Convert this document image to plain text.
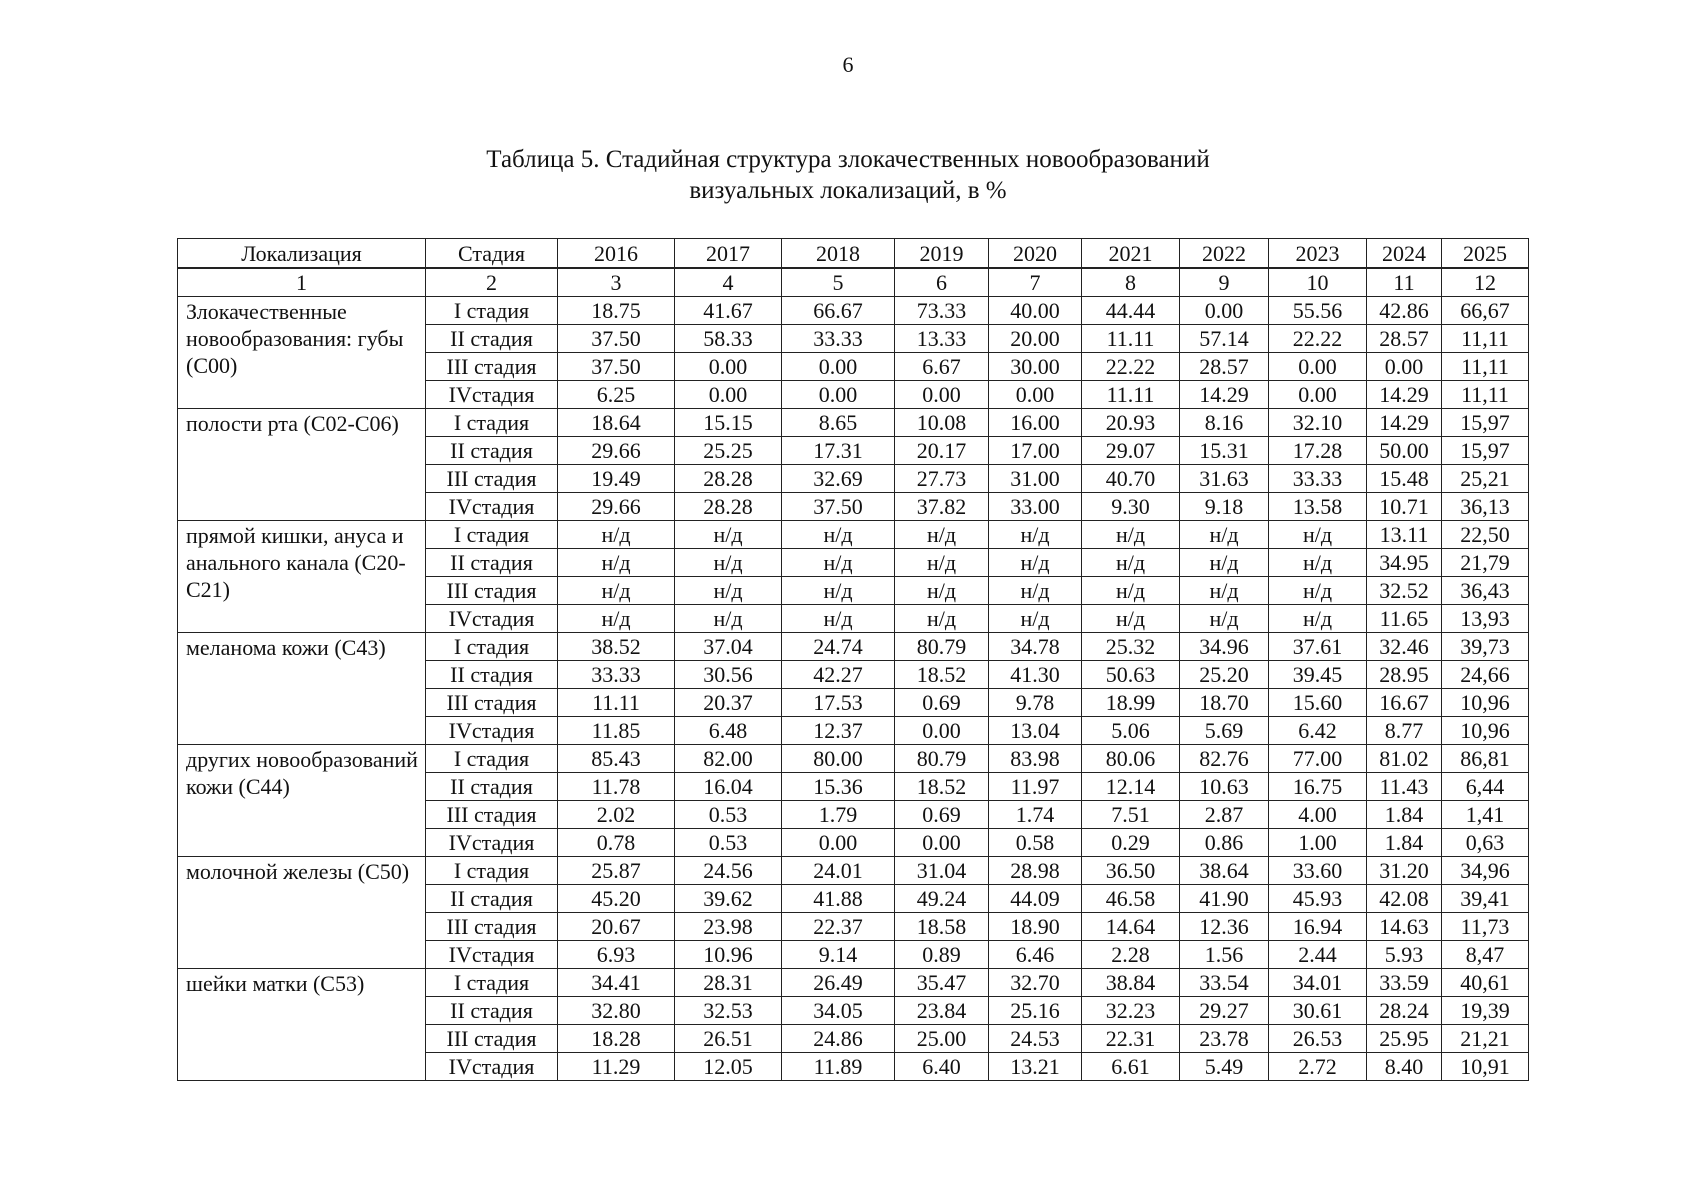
6
Таблица 5. Стадийная структура злокачественных новообразований
визуальных локализаций, в %
Локализация	Стадия	2016	2017	2018	2019	2020	2021	2022	2023	2024	2025
1	2	3	4	5	6	7	8	9	10	11	12
Злокачественные новообразования: губы (С00)	I стадия	18.75	41.67	66.67	73.33	40.00	44.44	0.00	55.56	42.86	66,67
	II стадия	37.50	58.33	33.33	13.33	20.00	11.11	57.14	22.22	28.57	11,11
	III стадия	37.50	0.00	0.00	6.67	30.00	22.22	28.57	0.00	0.00	11,11
	IVстадия	6.25	0.00	0.00	0.00	0.00	11.11	14.29	0.00	14.29	11,11
полости рта (С02-С06)	I стадия	18.64	15.15	8.65	10.08	16.00	20.93	8.16	32.10	14.29	15,97
	II стадия	29.66	25.25	17.31	20.17	17.00	29.07	15.31	17.28	50.00	15,97
	III стадия	19.49	28.28	32.69	27.73	31.00	40.70	31.63	33.33	15.48	25,21
	IVстадия	29.66	28.28	37.50	37.82	33.00	9.30	9.18	13.58	10.71	36,13
прямой кишки, ануса и анального канала (С20-С21)	I стадия	н/д	н/д	н/д	н/д	н/д	н/д	н/д	н/д	13.11	22,50
	II стадия	н/д	н/д	н/д	н/д	н/д	н/д	н/д	н/д	34.95	21,79
	III стадия	н/д	н/д	н/д	н/д	н/д	н/д	н/д	н/д	32.52	36,43
	IVстадия	н/д	н/д	н/д	н/д	н/д	н/д	н/д	н/д	11.65	13,93
меланома кожи (С43)	I стадия	38.52	37.04	24.74	80.79	34.78	25.32	34.96	37.61	32.46	39,73
	II стадия	33.33	30.56	42.27	18.52	41.30	50.63	25.20	39.45	28.95	24,66
	III стадия	11.11	20.37	17.53	0.69	9.78	18.99	18.70	15.60	16.67	10,96
	IVстадия	11.85	6.48	12.37	0.00	13.04	5.06	5.69	6.42	8.77	10,96
других новообразований кожи (С44)	I стадия	85.43	82.00	80.00	80.79	83.98	80.06	82.76	77.00	81.02	86,81
	II стадия	11.78	16.04	15.36	18.52	11.97	12.14	10.63	16.75	11.43	6,44
	III стадия	2.02	0.53	1.79	0.69	1.74	7.51	2.87	4.00	1.84	1,41
	IVстадия	0.78	0.53	0.00	0.00	0.58	0.29	0.86	1.00	1.84	0,63
молочной железы (С50)	I стадия	25.87	24.56	24.01	31.04	28.98	36.50	38.64	33.60	31.20	34,96
	II стадия	45.20	39.62	41.88	49.24	44.09	46.58	41.90	45.93	42.08	39,41
	III стадия	20.67	23.98	22.37	18.58	18.90	14.64	12.36	16.94	14.63	11,73
	IVстадия	6.93	10.96	9.14	0.89	6.46	2.28	1.56	2.44	5.93	8,47
шейки матки (С53)	I стадия	34.41	28.31	26.49	35.47	32.70	38.84	33.54	34.01	33.59	40,61
	II стадия	32.80	32.53	34.05	23.84	25.16	32.23	29.27	30.61	28.24	19,39
	III стадия	18.28	26.51	24.86	25.00	24.53	22.31	23.78	26.53	25.95	21,21
	IVстадия	11.29	12.05	11.89	6.40	13.21	6.61	5.49	2.72	8.40	10,91
